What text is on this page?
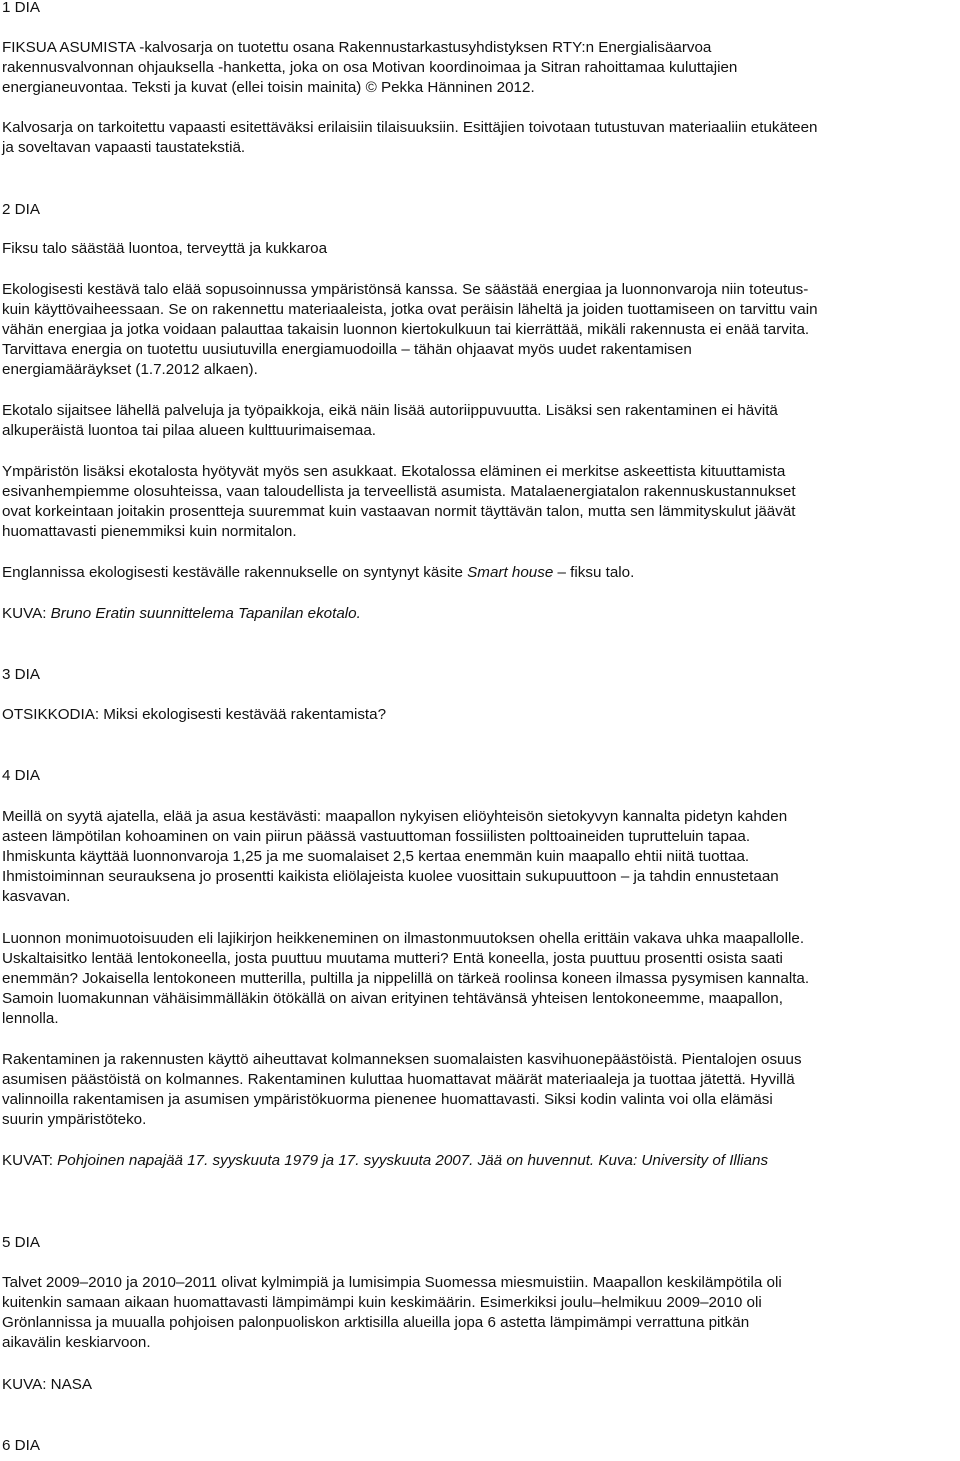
1 DIA
FIKSUA ASUMISTA -kalvosarja on tuotettu osana Rakennustarkastusyhdistyksen RTY:n Energialisäarvoa
rakennusvalvonnan ohjauksella -hanketta, joka on osa Motivan koordinoimaa ja Sitran rahoittamaa kuluttajien
energianeuvontaa. Teksti ja kuvat (ellei toisin mainita) © Pekka Hänninen 2012.
Kalvosarja on tarkoitettu vapaasti esitettäväksi erilaisiin tilaisuuksiin. Esittäjien toivotaan tutustuvan materiaaliin etukäteen
ja soveltavan vapaasti taustatekstiä.
2 DIA
Fiksu talo säästää luontoa, terveyttä ja kukkaroa
Ekologisesti kestävä talo elää sopusoinnussa ympäristönsä kanssa. Se säästää energiaa ja luonnonvaroja niin toteutus-
kuin käyttövaiheessaan. Se on rakennettu materiaaleista, jotka ovat peräisin läheltä ja joiden tuottamiseen on tarvittu vain
vähän energiaa ja jotka voidaan palauttaa takaisin luonnon kiertokulkuun tai kierrättää, mikäli rakennusta ei enää tarvita.
Tarvittava energia on tuotettu uusiutuvilla energiamuodoilla – tähän ohjaavat myös uudet rakentamisen
energiamääräykset (1.7.2012 alkaen).
Ekotalo sijaitsee lähellä palveluja ja työpaikkoja, eikä näin lisää autoriippuvuutta. Lisäksi sen rakentaminen ei hävitä
alkuperäistä luontoa tai pilaa alueen kulttuurimaisemaa.
Ympäristön lisäksi ekotalosta hyötyvät myös sen asukkaat. Ekotalossa eläminen ei merkitse askeettista kituuttamista
esivanhempiemme olosuhteissa, vaan taloudellista ja terveellistä asumista. Matalaenergiatalon rakennuskustannukset
ovat korkeintaan joitakin prosentteja suuremmat kuin vastaavan normit täyttävän talon, mutta sen lämmityskulut jäävät
huomattavasti pienemmiksi kuin normitalon.
Englannissa ekologisesti kestävälle rakennukselle on syntynyt käsite Smart house – fiksu talo.
KUVA: Bruno Eratin suunnittelema Tapanilan ekotalo.
3 DIA
OTSIKKODIA: Miksi ekologisesti kestävää rakentamista?
4 DIA
Meillä on syytä ajatella, elää ja asua kestävästi: maapallon nykyisen eliöyhteisön sietokyvyn kannalta pidetyn kahden
asteen lämpötilan kohoaminen on vain piirun päässä vastuuttoman fossiilisten polttoaineiden tuprutteluin tapaa.
Ihmiskunta käyttää luonnonvaroja 1,25 ja me suomalaiset 2,5 kertaa enemmän kuin maapallo ehtii niitä tuottaa.
Ihmistoiminnan seurauksena jo prosentti kaikista eliölajeista kuolee vuosittain sukupuuttoon – ja tahdin ennustetaan
kasvavan.
Luonnon monimuotoisuuden eli lajikirjon heikkeneminen on ilmastonmuutoksen ohella erittäin vakava uhka maapallolle.
Uskaltaisitko lentää lentokoneella, josta puuttuu muutama mutteri? Entä koneella, josta puuttuu prosentti osista saati
enemmän? Jokaisella lentokoneen mutterilla, pultilla ja nippelillä on tärkeä roolinsa koneen ilmassa pysymisen kannalta.
Samoin luomakunnan vähäisimmälläkin ötökällä on aivan erityinen tehtävänsä yhteisen lentokoneemme, maapallon,
lennolla.
Rakentaminen ja rakennusten käyttö aiheuttavat kolmanneksen suomalaisten kasvihuonepäästöistä. Pientalojen osuus
asumisen päästöistä on kolmannes. Rakentaminen kuluttaa huomattavat määrät materiaaleja ja tuottaa jätettä. Hyvillä
valinnoilla rakentamisen ja asumisen ympäristökuorma pienenee huomattavasti. Siksi kodin valinta voi olla elämäsi
suurin ympäristöteko.
KUVAT: Pohjoinen napajää 17. syyskuuta 1979 ja 17. syyskuuta 2007. Jää on huvennut. Kuva: University of Illians
5 DIA
Talvet 2009–2010 ja 2010–2011 olivat kylmimpiä ja lumisimpia Suomessa miesmuistiin. Maapallon keskilämpötila oli
kuitenkin samaan aikaan huomattavasti lämpimämpi kuin keskimäärin. Esimerkiksi joulu–helmikuu 2009–2010 oli
Grönlannissa ja muualla pohjoisen palonpuoliskon arktisilla alueilla jopa 6 astetta lämpimämpi verrattuna pitkän
aikavälin keskiarvoon.
KUVA: NASA
6 DIA
